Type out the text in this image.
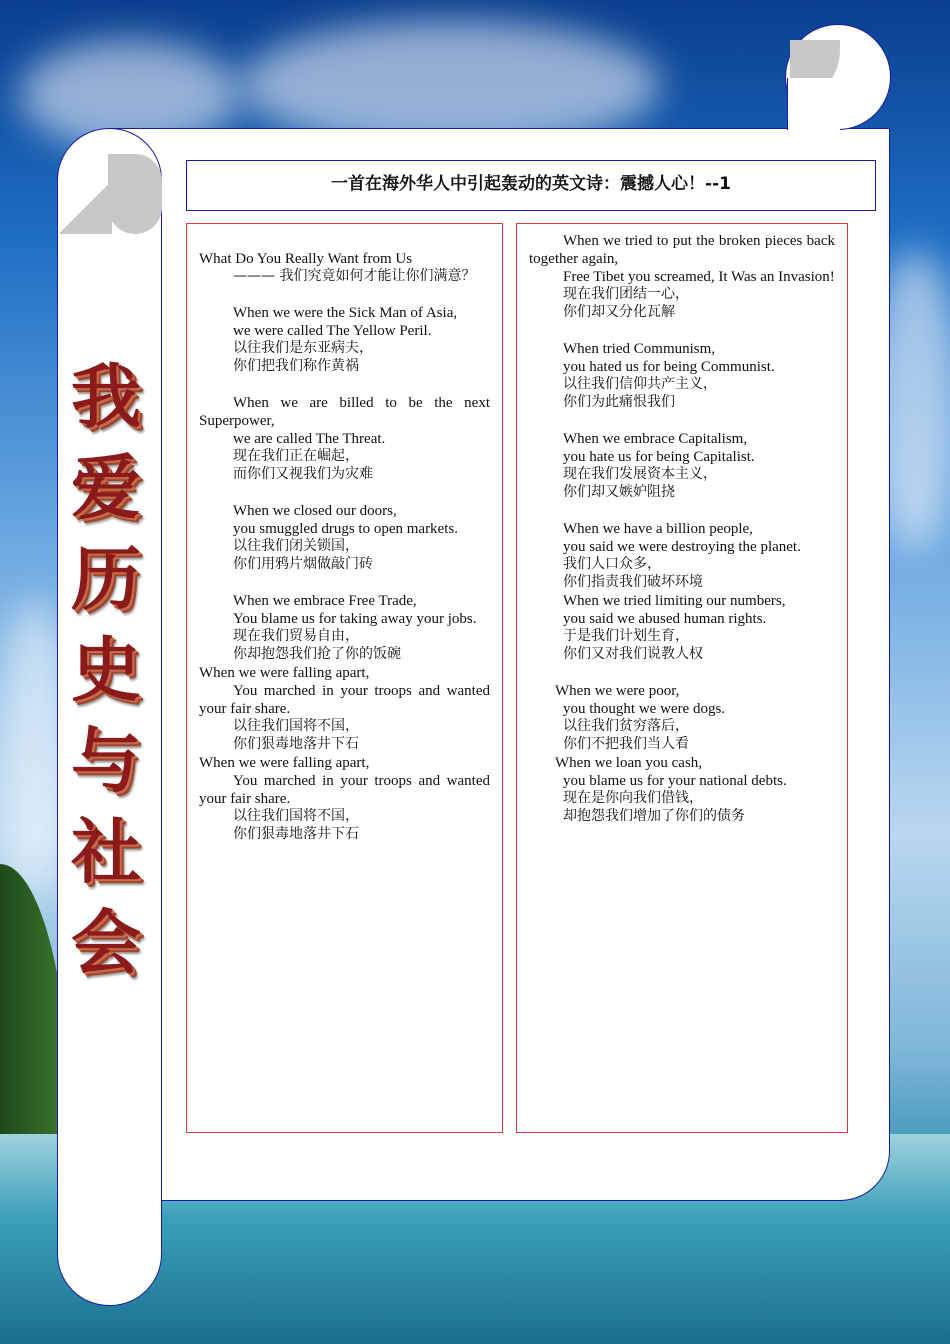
我
爱
历
史
与
社
会
一首在海外华人中引起轰动的英文诗：震撼人心！--1

What Do You Really Want from Us

——— 我们究竟如何才能让你们满意？

When we were the Sick Man of Asia,

we were called The Yellow Peril.

以往我们是东亚病夫，

你们把我们称作黄祸

When we are billed to be the next Superpower,

we are called The Threat.

现在我们正在崛起，

而你们又视我们为灾难

When we closed our doors,

you smuggled drugs to open markets.

以往我们闭关锁国，

你们用鸦片烟做敲门砖

When we embrace Free Trade,

You blame us for taking away your jobs.

现在我们贸易自由，

你却抱怨我们抢了你的饭碗

When we were falling apart,

You marched in your troops and wanted your fair share.

以往我们国将不国，

你们狠毒地落井下石

When we were falling apart,

You marched in your troops and wanted your fair share.

以往我们国将不国，

你们狠毒地落井下石

When we tried to put the broken pieces back together again,

Free Tibet you screamed, It Was an Invasion!

现在我们团结一心，

你们却又分化瓦解

When tried Communism,

you hated us for being Communist.

以往我们信仰共产主义，

你们为此痛恨我们

When we embrace Capitalism,

you hate us for being Capitalist.

现在我们发展资本主义，

你们却又嫉妒阻挠

When we have a billion people,

you said we were destroying the planet.

我们人口众多，

你们指责我们破坏环境

When we tried limiting our numbers,

you said we abused human rights.

于是我们计划生育，

你们又对我们说教人权

When we were poor,

you thought we were dogs.

以往我们贫穷落后，

你们不把我们当人看

When we loan you cash,

you blame us for your national debts.

现在是你向我们借钱，

却抱怨我们增加了你们的债务
